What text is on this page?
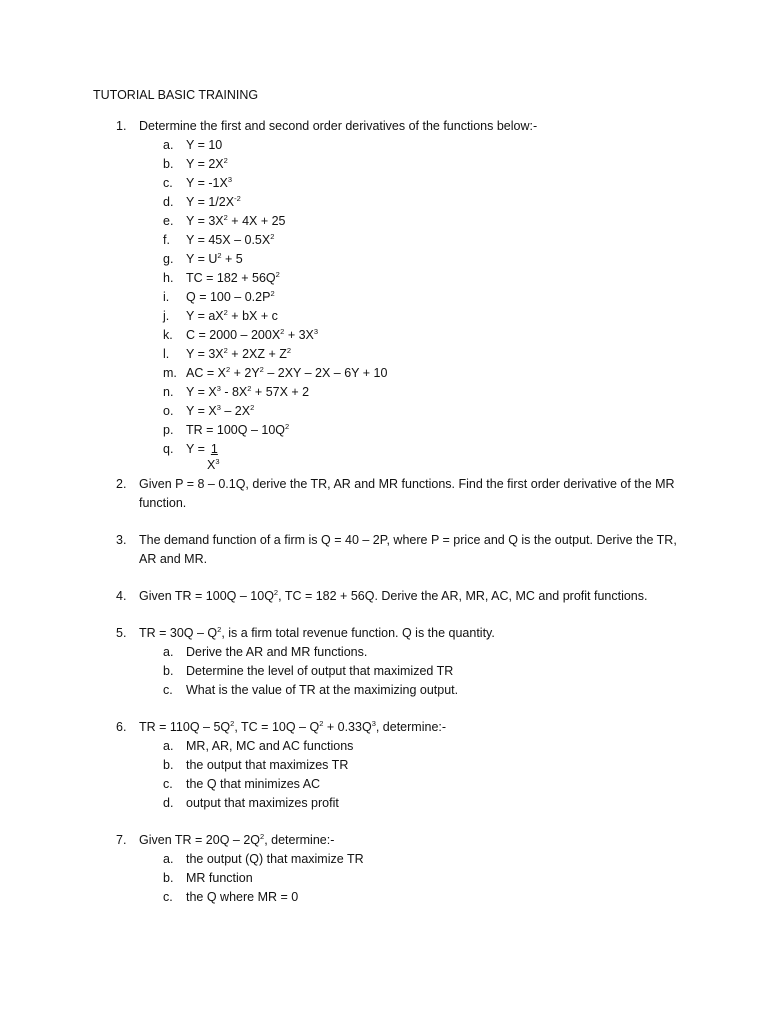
TUTORIAL BASIC TRAINING
1. Determine the first and second order derivatives of the functions below:-
a. Y = 10
b. $Y = 2X^2$
c. $Y = -1X^3$
d. $Y = 1/2X^{-2}$
e. $Y = 3X^2 + 4X + 25$
f. $Y = 45X - 0.5X^2$
g. $Y = U^2 + 5$
h. TC = $182 + 56Q^2$
i. $Q = 100 - 0.2P^2$
j. $Y = aX^2$ + bX + c
k. $C = 2000 - 200X^2 + 3X^3$
l. $Y = 3X^2 + 2XZ + Z^2$
m. AC = $X^2 + 2Y^2 - 2XY - 2X - 6Y + 10$
n. $Y = X^3 - 8X^2 + 57X + 2$
o. $Y = X^3 - 2X^2$
p. TR = $100Q - 10Q^2$
q. Y = 1
$X^3$
2. Given P = 8 – 0.1Q, derive the TR, AR and MR functions. Find the first order derivative of the MR function.
3. The demand function of a firm is Q = 40 – 2P, where P = price and Q is the output. Derive the TR, AR and MR.
4. Given TR = $100Q - 10Q^2$, TC = 182 + 56Q. Derive the AR, MR, AC, MC and profit functions.
5. TR = $30Q - Q^2$, is a firm total revenue function. Q is the quantity.
a. Derive the AR and MR functions.
b. Determine the level of output that maximized TR
c. What is the value of TR at the maximizing output.
6. TR = $110Q - 5Q^2$, TC = $10Q - Q^2 + 0.33Q^3$, determine:-
a. MR, AR, MC and AC functions
b. the output that maximizes TR
c. the Q that minimizes AC
d. output that maximizes profit
7. Given TR = $20Q - 2Q^2$, determine:-
a. the output (Q) that maximize TR
b. MR function
c. the Q where MR = 0
